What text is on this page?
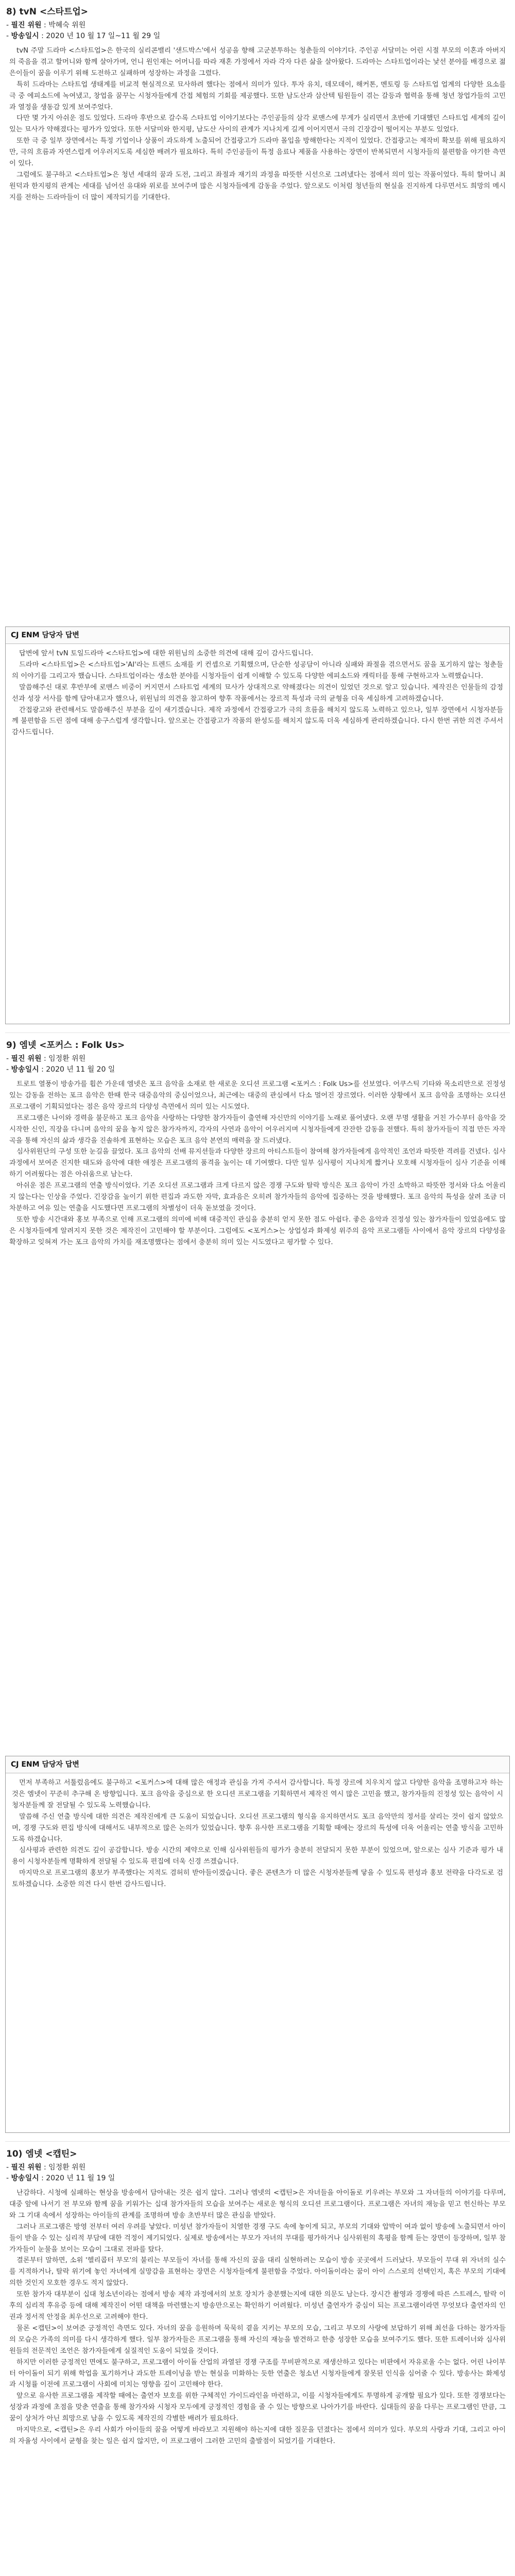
8) tvN <스타트업>

- 필진 위원 : 박혜숙 위원

- 방송일시 : 2020 년 10 월 17 일~11 월 29 일

tvN 주말 드라마 <스타트업>은 한국의 실리콘밸리 '샌드박스'에서 성공을 향해 고군분투하는 청춘들의 이야기다. 주인공 서달미는 어린 시절 부모의 이혼과 아버지의 죽음을 겪고 할머니와 함께 살아가며, 언니 원인재는 어머니를 따라 재혼 가정에서 자라 각자 다른 삶을 살아왔다. 드라마는 스타트업이라는 낯선 분야를 배경으로 젊은이들이 꿈을 이루기 위해 도전하고 실패하며 성장하는 과정을 그렸다.

특히 드라마는 스타트업 생태계를 비교적 현실적으로 묘사하려 했다는 점에서 의미가 있다. 투자 유치, 데모데이, 해커톤, 멘토링 등 스타트업 업계의 다양한 요소를 극 중 에피소드에 녹여냈고, 창업을 꿈꾸는 시청자들에게 간접 체험의 기회를 제공했다. 또한 남도산과 삼산텍 팀원들이 겪는 갈등과 협력을 통해 청년 창업가들의 고민과 열정을 생동감 있게 보여주었다.

다만 몇 가지 아쉬운 점도 있었다. 드라마 후반으로 갈수록 스타트업 이야기보다는 주인공들의 삼각 로맨스에 무게가 실리면서 초반에 기대했던 스타트업 세계의 깊이 있는 묘사가 약해졌다는 평가가 있었다. 또한 서달미와 한지평, 남도산 사이의 관계가 지나치게 길게 이어지면서 극의 긴장감이 떨어지는 부분도 있었다.

또한 극 중 일부 장면에서는 특정 기업이나 상품이 과도하게 노출되어 간접광고가 드라마 몰입을 방해한다는 지적이 있었다. 간접광고는 제작비 확보를 위해 필요하지만, 극의 흐름과 자연스럽게 어우러지도록 세심한 배려가 필요하다. 특히 주인공들이 특정 음료나 제품을 사용하는 장면이 반복되면서 시청자들의 불편함을 야기한 측면이 있다.

그럼에도 불구하고 <스타트업>은 청년 세대의 꿈과 도전, 그리고 좌절과 재기의 과정을 따뜻한 시선으로 그려냈다는 점에서 의미 있는 작품이었다. 특히 할머니 최원덕과 한지평의 관계는 세대를 넘어선 유대와 위로를 보여주며 많은 시청자들에게 감동을 주었다. 앞으로도 이처럼 청년들의 현실을 진지하게 다루면서도 희망의 메시지를 전하는 드라마들이 더 많이 제작되기를 기대한다.

CJ ENM 담당자 답변

답변에 앞서 tvN 토일드라마 <스타트업>에 대한 위원님의 소중한 의견에 대해 깊이 감사드립니다.

드라마 <스타트업>은 <스타트업>'AI'라는 트렌드 소재를 키 컨셉으로 기획했으며, 단순한 성공담이 아니라 실패와 좌절을 겪으면서도 꿈을 포기하지 않는 청춘들의 이야기를 그리고자 했습니다. 스타트업이라는 생소한 분야를 시청자들이 쉽게 이해할 수 있도록 다양한 에피소드와 캐릭터를 통해 구현하고자 노력했습니다.

말씀해주신 대로 후반부에 로맨스 비중이 커지면서 스타트업 세계의 묘사가 상대적으로 약해졌다는 의견이 있었던 것으로 알고 있습니다. 제작진은 인물들의 감정선과 성장 서사를 함께 담아내고자 했으나, 위원님의 의견을 참고하여 향후 작품에서는 장르적 특성과 극의 균형을 더욱 세심하게 고려하겠습니다.

간접광고와 관련해서도 말씀해주신 부분을 깊이 새기겠습니다. 제작 과정에서 간접광고가 극의 흐름을 해치지 않도록 노력하고 있으나, 일부 장면에서 시청자분들께 불편함을 드린 점에 대해 송구스럽게 생각합니다. 앞으로는 간접광고가 작품의 완성도를 해치지 않도록 더욱 세심하게 관리하겠습니다. 다시 한번 귀한 의견 주셔서 감사드립니다.

9) 엠넷 <포커스 : Folk Us>

- 필진 위원 : 임정환 위원

- 방송일시 : 2020 년 11 월 20 일

트로트 열풍이 방송가를 휩쓴 가운데 엠넷은 포크 음악을 소재로 한 새로운 오디션 프로그램 <포커스 : Folk Us>를 선보였다. 어쿠스틱 기타와 목소리만으로 진정성 있는 감동을 전하는 포크 음악은 한때 한국 대중음악의 중심이었으나, 최근에는 대중의 관심에서 다소 멀어진 장르였다. 이러한 상황에서 포크 음악을 조명하는 오디션 프로그램이 기획되었다는 점은 음악 장르의 다양성 측면에서 의미 있는 시도였다.

프로그램은 나이와 경력을 불문하고 포크 음악을 사랑하는 다양한 참가자들이 출연해 자신만의 이야기를 노래로 풀어냈다. 오랜 무명 생활을 거친 가수부터 음악을 갓 시작한 신인, 직장을 다니며 음악의 꿈을 놓지 않은 참가자까지, 각자의 사연과 음악이 어우러지며 시청자들에게 잔잔한 감동을 전했다. 특히 참가자들이 직접 만든 자작곡을 통해 자신의 삶과 생각을 진솔하게 표현하는 모습은 포크 음악 본연의 매력을 잘 드러냈다.

심사위원단의 구성 또한 눈길을 끌었다. 포크 음악의 선배 뮤지션들과 다양한 장르의 아티스트들이 참여해 참가자들에게 음악적인 조언과 따뜻한 격려를 건넸다. 심사 과정에서 보여준 진지한 태도와 음악에 대한 애정은 프로그램의 품격을 높이는 데 기여했다. 다만 일부 심사평이 지나치게 짧거나 모호해 시청자들이 심사 기준을 이해하기 어려웠다는 점은 아쉬움으로 남는다.

아쉬운 점은 프로그램의 연출 방식이었다. 기존 오디션 프로그램과 크게 다르지 않은 경쟁 구도와 탈락 방식은 포크 음악이 가진 소박하고 따뜻한 정서와 다소 어울리지 않는다는 인상을 주었다. 긴장감을 높이기 위한 편집과 과도한 자막, 효과음은 오히려 참가자들의 음악에 집중하는 것을 방해했다. 포크 음악의 특성을 살려 조금 더 차분하고 여유 있는 연출을 시도했다면 프로그램의 차별성이 더욱 돋보였을 것이다.

또한 방송 시간대와 홍보 부족으로 인해 프로그램의 의미에 비해 대중적인 관심을 충분히 얻지 못한 점도 아쉽다. 좋은 음악과 진정성 있는 참가자들이 있었음에도 많은 시청자들에게 알려지지 못한 것은 제작진이 고민해야 할 부분이다. 그럼에도 <포커스>는 상업성과 화제성 위주의 음악 프로그램들 사이에서 음악 장르의 다양성을 확장하고 잊혀져 가는 포크 음악의 가치를 재조명했다는 점에서 충분히 의미 있는 시도였다고 평가할 수 있다.

CJ ENM 담당자 답변

먼저 부족하고 서툴렀음에도 불구하고 <포커스>에 대해 많은 애정과 관심을 가져 주셔서 감사합니다. 특정 장르에 치우치지 않고 다양한 음악을 조명하고자 하는 것은 엠넷이 꾸준히 추구해 온 방향입니다. 포크 음악을 중심으로 한 오디션 프로그램을 기획하면서 제작진 역시 많은 고민을 했고, 참가자들의 진정성 있는 음악이 시청자분들께 잘 전달될 수 있도록 노력했습니다.

말씀해 주신 연출 방식에 대한 의견은 제작진에게 큰 도움이 되었습니다. 오디션 프로그램의 형식을 유지하면서도 포크 음악만의 정서를 살리는 것이 쉽지 않았으며, 경쟁 구도와 편집 방식에 대해서도 내부적으로 많은 논의가 있었습니다. 향후 유사한 프로그램을 기획할 때에는 장르의 특성에 더욱 어울리는 연출 방식을 고민하도록 하겠습니다.

심사평과 관련한 의견도 깊이 공감합니다. 방송 시간의 제약으로 인해 심사위원들의 평가가 충분히 전달되지 못한 부분이 있었으며, 앞으로는 심사 기준과 평가 내용이 시청자분들께 명확하게 전달될 수 있도록 편집에 더욱 신경 쓰겠습니다.

마지막으로 프로그램의 홍보가 부족했다는 지적도 겸허히 받아들이겠습니다. 좋은 콘텐츠가 더 많은 시청자분들께 닿을 수 있도록 편성과 홍보 전략을 다각도로 검토하겠습니다. 소중한 의견 다시 한번 감사드립니다.

10) 엠넷 <캡틴>

- 필진 위원 : 임정환 위원

- 방송일시 : 2020 년 11 월 19 일

난감하다. 시청에 실패하는 현상을 방송에서 담아내는 것은 쉽지 않다. 그러나 엠넷의 <캡틴>은 자녀들을 아이돌로 키우려는 부모와 그 자녀들의 이야기를 다루며, 대중 앞에 나서기 전 부모와 함께 꿈을 키워가는 십대 참가자들의 모습을 보여주는 새로운 형식의 오디션 프로그램이다. 프로그램은 자녀의 재능을 믿고 헌신하는 부모와 그 기대 속에서 성장하는 아이들의 관계를 조명하며 방송 초반부터 많은 관심을 받았다.

그러나 프로그램은 방영 전부터 여러 우려를 낳았다. 미성년 참가자들이 치열한 경쟁 구도 속에 놓이게 되고, 부모의 기대와 압박이 여과 없이 방송에 노출되면서 아이들이 받을 수 있는 심리적 부담에 대한 걱정이 제기되었다. 실제로 방송에서는 부모가 자녀의 무대를 평가하거나 심사위원의 혹평을 함께 듣는 장면이 등장하며, 일부 참가자들이 눈물을 보이는 모습이 그대로 전파를 탔다.

결론부터 말하면, 소위 '헬리콥터 부모'의 불리는 부모들이 자녀를 통해 자신의 꿈을 대리 실현하려는 모습이 방송 곳곳에서 드러났다. 부모들이 무대 위 자녀의 실수를 지적하거나, 탈락 위기에 놓인 자녀에게 실망감을 표현하는 장면은 시청자들에게 불편함을 주었다. 아이돌이라는 꿈이 아이 스스로의 선택인지, 혹은 부모의 기대에 의한 것인지 모호한 경우도 적지 않았다.

또한 참가자 대부분이 십대 청소년이라는 점에서 방송 제작 과정에서의 보호 장치가 충분했는지에 대한 의문도 남는다. 장시간 촬영과 경쟁에 따른 스트레스, 탈락 이후의 심리적 후유증 등에 대해 제작진이 어떤 대책을 마련했는지 방송만으로는 확인하기 어려웠다. 미성년 출연자가 중심이 되는 프로그램이라면 무엇보다 출연자의 인권과 정서적 안정을 최우선으로 고려해야 한다.

물론 <캡틴>이 보여준 긍정적인 측면도 있다. 자녀의 꿈을 응원하며 묵묵히 곁을 지키는 부모의 모습, 그리고 부모의 사랑에 보답하기 위해 최선을 다하는 참가자들의 모습은 가족의 의미를 다시 생각하게 했다. 일부 참가자들은 프로그램을 통해 자신의 재능을 발견하고 한층 성장한 모습을 보여주기도 했다. 또한 트레이너와 심사위원들의 전문적인 조언은 참가자들에게 실질적인 도움이 되었을 것이다.

하지만 이러한 긍정적인 면에도 불구하고, 프로그램이 아이돌 산업의 과열된 경쟁 구조를 무비판적으로 재생산하고 있다는 비판에서 자유로울 수는 없다. 어린 나이부터 아이돌이 되기 위해 학업을 포기하거나 과도한 트레이닝을 받는 현실을 미화하는 듯한 연출은 청소년 시청자들에게 잘못된 인식을 심어줄 수 있다. 방송사는 화제성과 시청률 이전에 프로그램이 사회에 미치는 영향을 깊이 고민해야 한다.

앞으로 유사한 프로그램을 제작할 때에는 출연자 보호를 위한 구체적인 가이드라인을 마련하고, 이를 시청자들에게도 투명하게 공개할 필요가 있다. 또한 경쟁보다는 성장과 과정에 초점을 맞춘 연출을 통해 참가자와 시청자 모두에게 긍정적인 경험을 줄 수 있는 방향으로 나아가기를 바란다. 십대들의 꿈을 다루는 프로그램인 만큼, 그 꿈이 상처가 아닌 희망으로 남을 수 있도록 제작진의 각별한 배려가 필요하다.

마지막으로, <캡틴>은 우리 사회가 아이들의 꿈을 어떻게 바라보고 지원해야 하는지에 대한 질문을 던졌다는 점에서 의미가 있다. 부모의 사랑과 기대, 그리고 아이의 자율성 사이에서 균형을 찾는 일은 쉽지 않지만, 이 프로그램이 그러한 고민의 출발점이 되었기를 기대한다.
